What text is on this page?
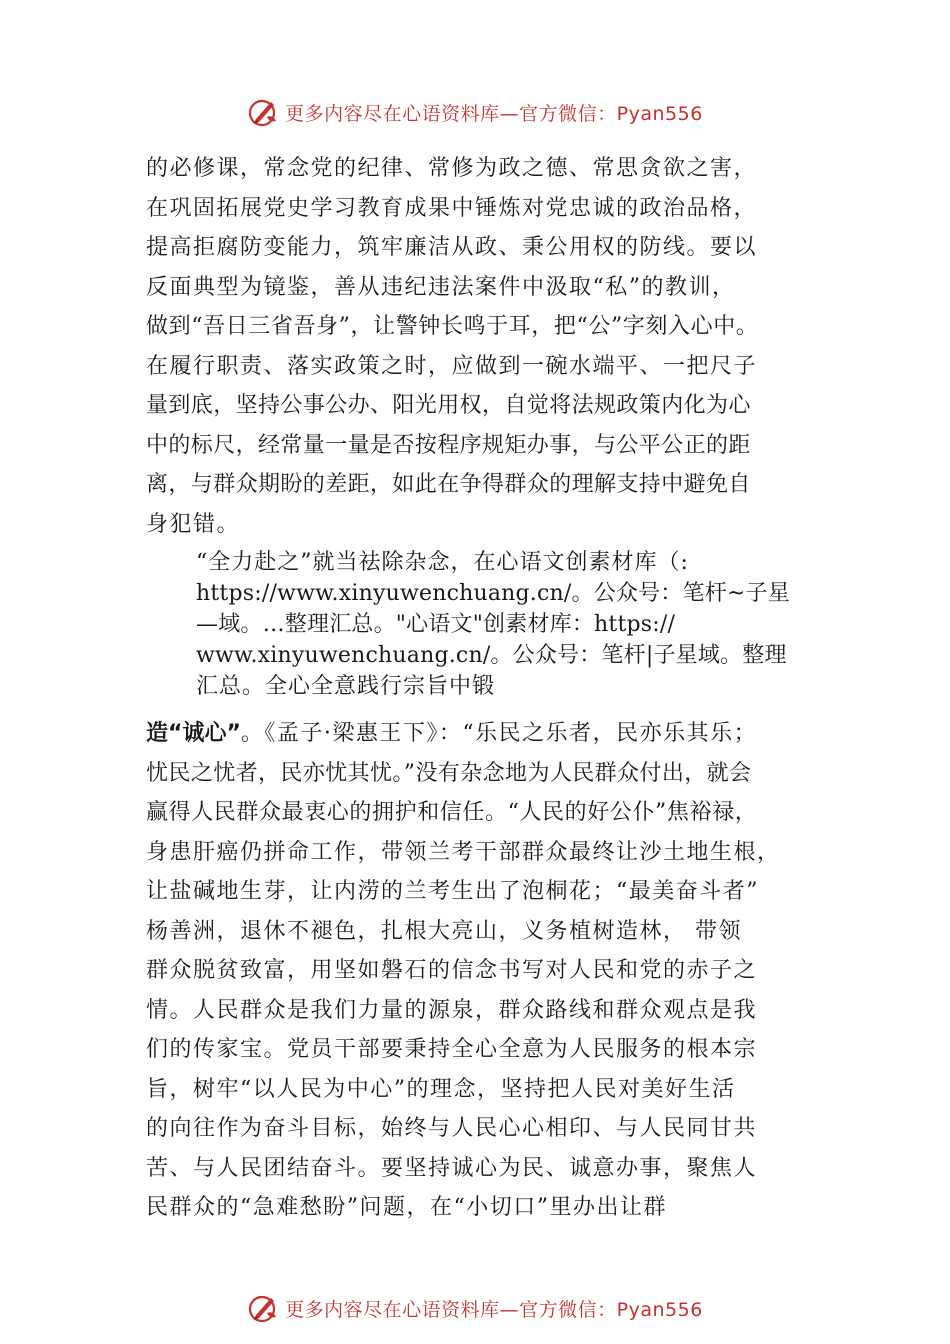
更多内容尽在心语资料库—官方微信：Pyan556
的必修课，常念党的纪律、常修为政之德、常思贪欲之害，
在巩固拓展党史学习教育成果中锤炼对党忠诚的政治品格，
提高拒腐防变能力，筑牢廉洁从政、秉公用权的防线。要以
反面典型为镜鉴，善从违纪违法案件中汲取“私”的教训，
做到“吾日三省吾身”，让警钟长鸣于耳，把“公”字刻入心中。
在履行职责、落实政策之时，应做到一碗水端平、一把尺子
量到底，坚持公事公办、阳光用权，自觉将法规政策内化为心
中的标尺，经常量一量是否按程序规矩办事，与公平公正的距
离，与群众期盼的差距，如此在争得群众的理解支持中避免自
身犯错。
“全力赴之”就当祛除杂念，在心语文创素材库（:
https://www.xinyuwenchuang.cn/。公众号：笔杆~子星
—域。…整理汇总。"心语文"创素材库：https://
www.xinyuwenchuang.cn/。公众号：笔杆|子星域。整理
汇总。全心全意践行宗旨中锻
造“诚心”。《孟子·梁惠王下》：“乐民之乐者，民亦乐其乐；
忧民之忧者，民亦忧其忧。”没有杂念地为人民群众付出，就会
赢得人民群众最衷心的拥护和信任。“人民的好公仆”焦裕禄，
身患肝癌仍拼命工作，带领兰考干部群众最终让沙土地生根，
让盐碱地生芽，让内涝的兰考生出了泡桐花；“最美奋斗者”
杨善洲，退休不褪色，扎根大亮山，义务植树造林， 带领
群众脱贫致富，用坚如磐石的信念书写对人民和党的赤子之
情。人民群众是我们力量的源泉，群众路线和群众观点是我
们的传家宝。党员干部要秉持全心全意为人民服务的根本宗
旨，树牢“以人民为中心”的理念，坚持把人民对美好生活
的向往作为奋斗目标，始终与人民心心相印、与人民同甘共
苦、与人民团结奋斗。要坚持诚心为民、诚意办事，聚焦人
民群众的“急难愁盼”问题，在“小切口”里办出让群
更多内容尽在心语资料库—官方微信：Pyan556
